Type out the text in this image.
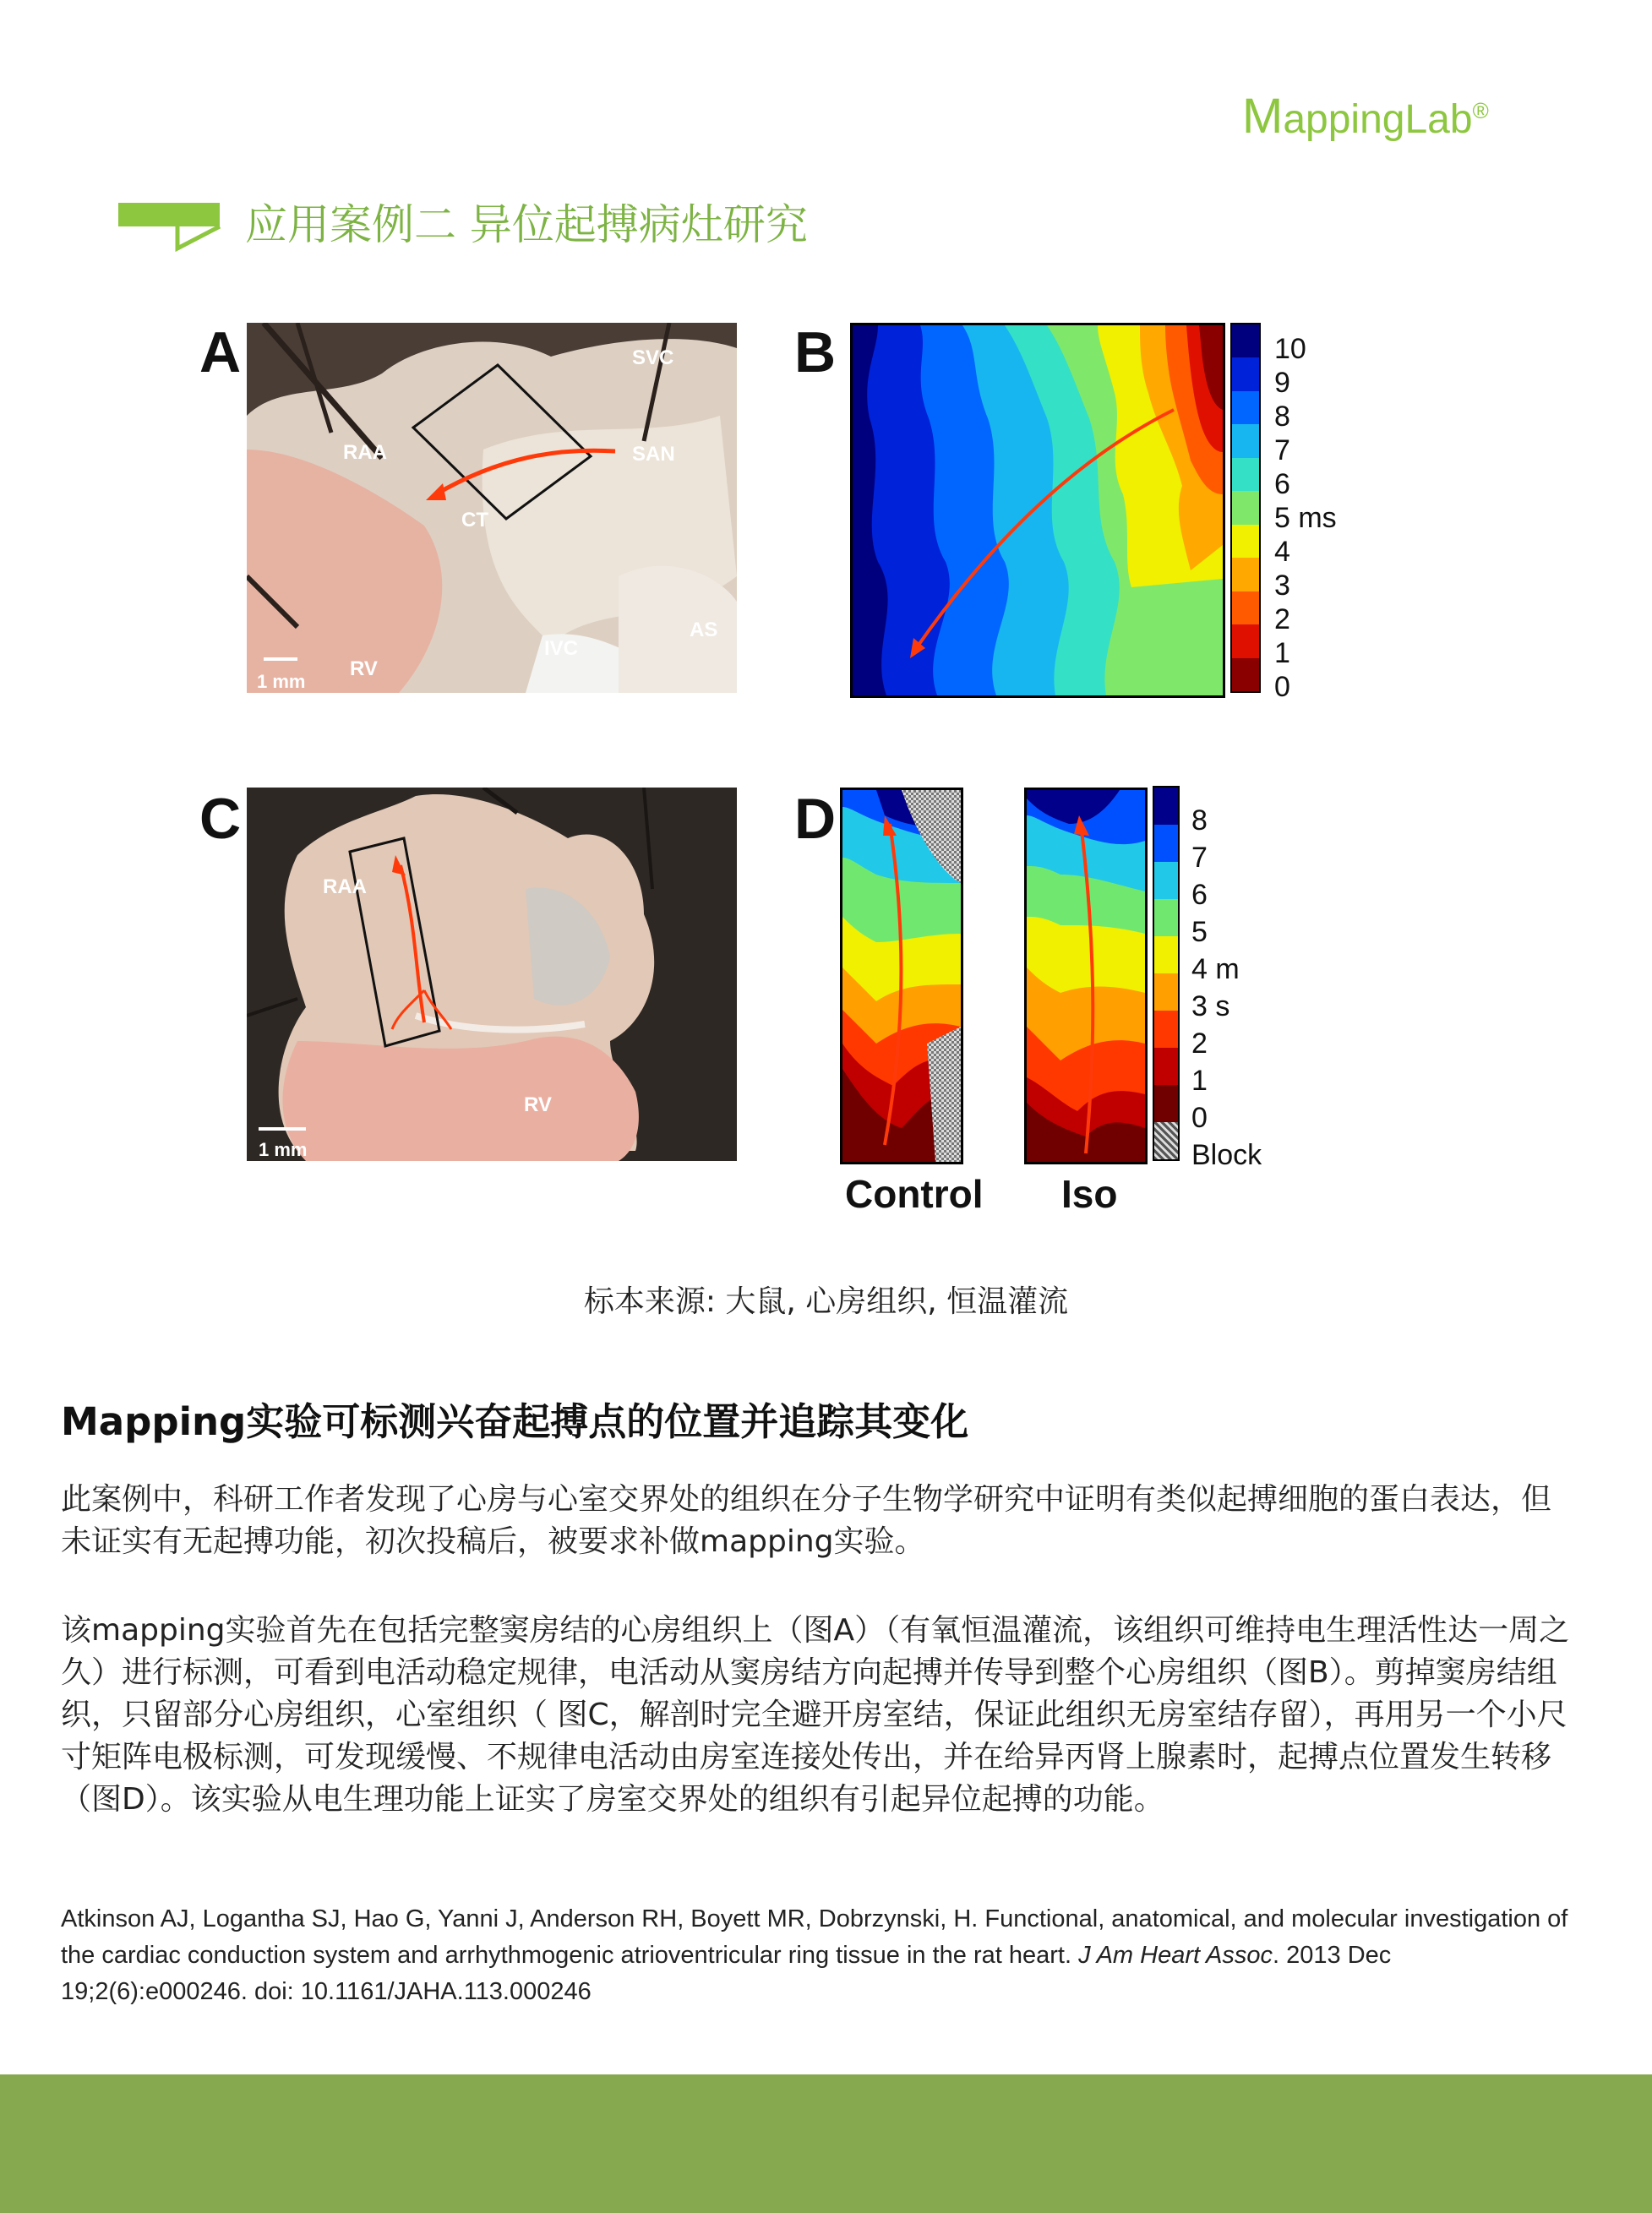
MappingLab®
应用案例二 异位起搏病灶研究
A	SVC
RAA	SAN
CT
AS
IVC
RV
1 mm
B	10
9
8
7
6
5 ms
4
3
2
1
0
C
RAA
RV
1 mm
D	8
7
6
5
4 m
3 s
2
1
0
Block
Control Iso
标本来源: 大鼠, 心房组织, 恒温灌流
Mapping实验可标测兴奋起搏点的位置并追踪其变化
此案例中，科研工作者发现了心房与心室交界处的组织在分子生物学研究中证明有类似起搏细胞的蛋白表达，但未证实有无起搏功能，初次投稿后，被要求补做mapping实验。
该mapping实验首先在包括完整窦房结的心房组织上（图A）（有氧恒温灌流，该组织可维持电生理活性达一周之久）进行标测，可看到电活动稳定规律，电活动从窦房结方向起搏并传导到整个心房组织（图B）。剪掉窦房结组织，只留部分心房组织，心室组织（ 图C，解剖时完全避开房室结，保证此组织无房室结存留），再用另一个小尺寸矩阵电极标测，可发现缓慢、不规律电活动由房室连接处传出，并在给异丙肾上腺素时，起搏点位置发生转移（图D）。该实验从电生理功能上证实了房室交界处的组织有引起异位起搏的功能。
Atkinson AJ, Logantha SJ, Hao G, Yanni J, Anderson RH, Boyett MR, Dobrzynski, H. Functional, anatomical, and molecular investigation of the cardiac conduction system and arrhythmogenic atrioventricular ring tissue in the rat heart. J Am Heart Assoc. 2013 Dec 19;2(6):e000246. doi: 10.1161/JAHA.113.000246
